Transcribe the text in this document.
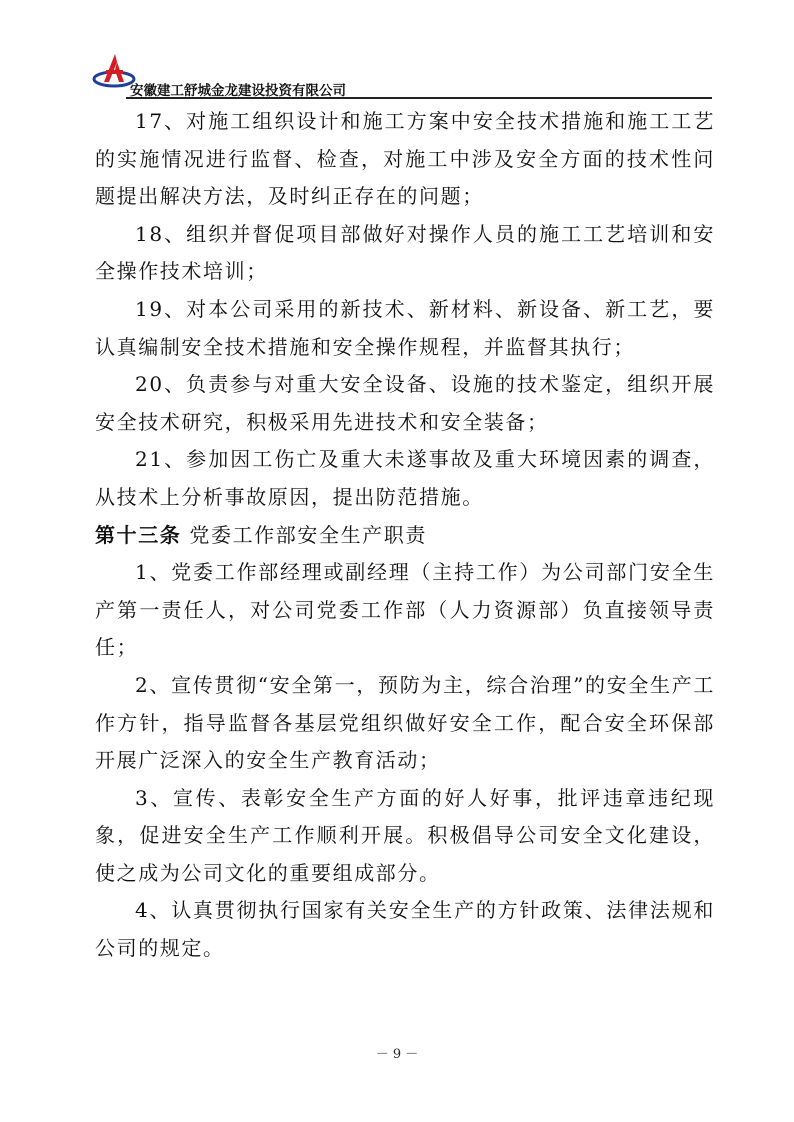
安徽建工舒城金龙建设投资有限公司

17、对施工组织设计和施工方案中安全技术措施和施工工艺的实施情况进行监督、检查，对施工中涉及安全方面的技术性问题提出解决方法，及时纠正存在的问题；

18、组织并督促项目部做好对操作人员的施工工艺培训和安全操作技术培训；

19、对本公司采用的新技术、新材料、新设备、新工艺，要认真编制安全技术措施和安全操作规程，并监督其执行；

20、负责参与对重大安全设备、设施的技术鉴定，组织开展安全技术研究，积极采用先进技术和安全装备；

21、参加因工伤亡及重大未遂事故及重大环境因素的调查，从技术上分析事故原因，提出防范措施。

第十三条 党委工作部安全生产职责

1、党委工作部经理或副经理（主持工作）为公司部门安全生产第一责任人，对公司党委工作部（人力资源部）负直接领导责任；

2、宣传贯彻“安全第一，预防为主，综合治理”的安全生产工作方针，指导监督各基层党组织做好安全工作，配合安全环保部开展广泛深入的安全生产教育活动；

3、宣传、表彰安全生产方面的好人好事，批评违章违纪现象，促进安全生产工作顺利开展。积极倡导公司安全文化建设，使之成为公司文化的重要组成部分。

4、认真贯彻执行国家有关安全生产的方针政策、法律法规和公司的规定。

－ 9 －
